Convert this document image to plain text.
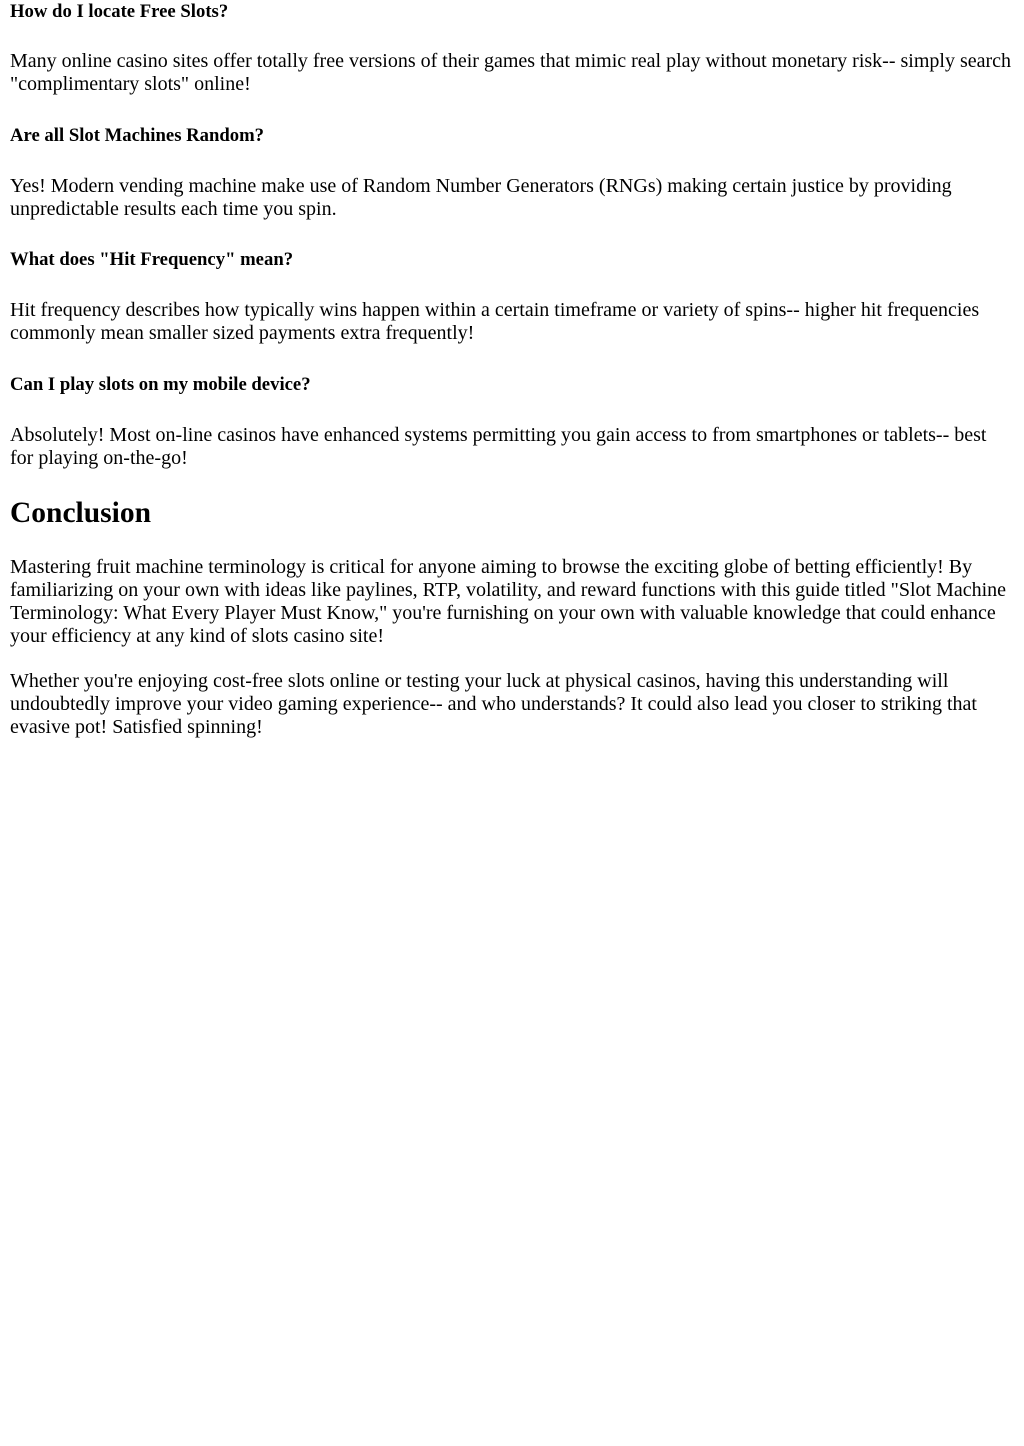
How do I locate Free Slots?

Many online casino sites offer totally free versions of their games that mimic real play without monetary risk-- simply search "complimentary slots" online!

Are all Slot Machines Random?

Yes! Modern vending machine make use of Random Number Generators (RNGs) making certain justice by providing unpredictable results each time you spin.

What does "Hit Frequency" mean?

Hit frequency describes how typically wins happen within a certain timeframe or variety of spins-- higher hit frequencies commonly mean smaller sized payments extra frequently!

Can I play slots on my mobile device?

Absolutely! Most on-line casinos have enhanced systems permitting you gain access to from smartphones or tablets-- best for playing on-the-go!

Conclusion

Mastering fruit machine terminology is critical for anyone aiming to browse the exciting globe of betting efficiently! By familiarizing on your own with ideas like paylines, RTP, volatility, and reward functions with this guide titled "Slot Machine Terminology: What Every Player Must Know," you're furnishing on your own with valuable knowledge that could enhance your efficiency at any kind of slots casino site!

Whether you're enjoying cost-free slots online or testing your luck at physical casinos, having this understanding will undoubtedly improve your video gaming experience-- and who understands? It could also lead you closer to striking that evasive pot! Satisfied spinning!
